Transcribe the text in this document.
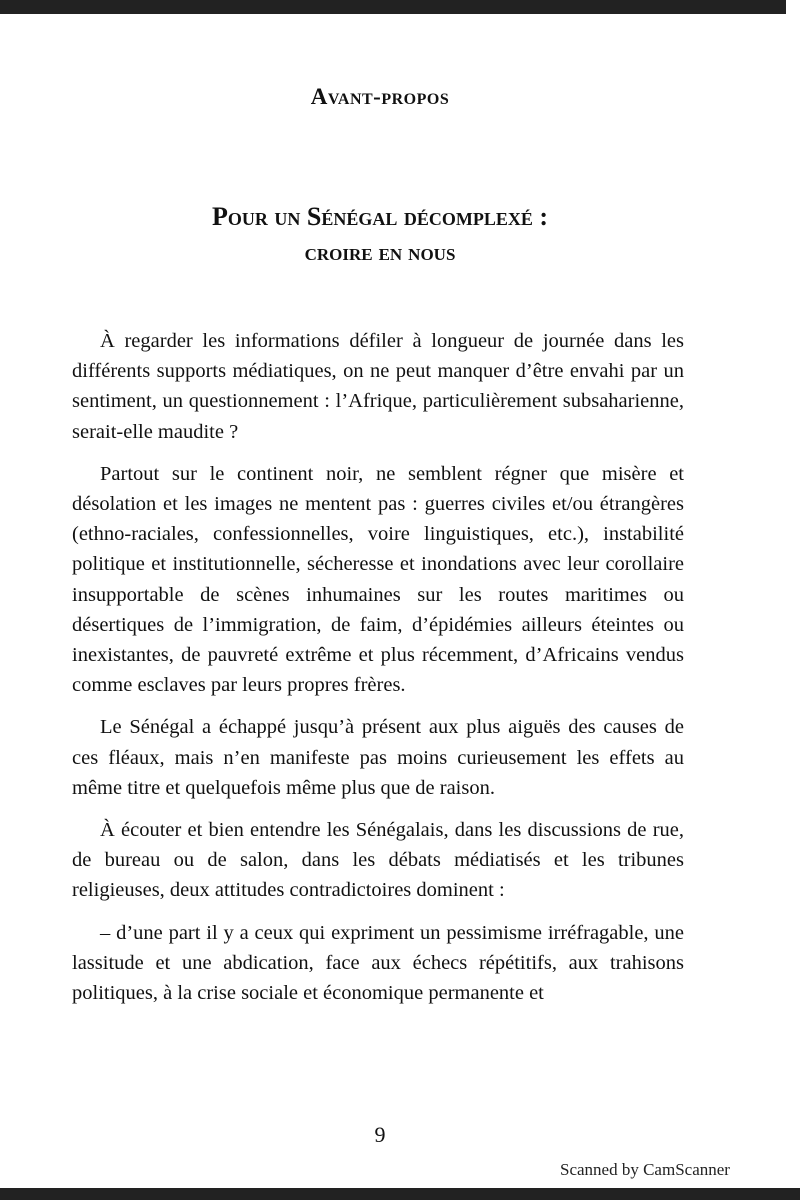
Avant-propos
Pour un Sénégal décomplexé :
croire en nous

À regarder les informations défiler à longueur de journée dans les différents supports médiatiques, on ne peut manquer d’être envahi par un sentiment, un questionnement : l’Afrique, particulièrement subsaharienne, serait-elle maudite ?

Partout sur le continent noir, ne semblent régner que misère et désolation et les images ne mentent pas : guerres civiles et/ou étrangères (ethno-raciales, confessionnelles, voire linguistiques, etc.), instabilité politique et institutionnelle, sécheresse et inondations avec leur corollaire insupportable de scènes inhumaines sur les routes maritimes ou désertiques de l’immigration, de faim, d’épidémies ailleurs éteintes ou inexistantes, de pauvreté extrême et plus récemment, d’Africains vendus comme esclaves par leurs propres frères.

Le Sénégal a échappé jusqu’à présent aux plus aiguës des causes de ces fléaux, mais n’en manifeste pas moins curieusement les effets au même titre et quelquefois même plus que de raison.

À écouter et bien entendre les Sénégalais, dans les discussions de rue, de bureau ou de salon, dans les débats médiatisés et les tribunes religieuses, deux attitudes contradictoires dominent :

– d’une part il y a ceux qui expriment un pessimisme irréfragable, une lassitude et une abdication, face aux échecs répétitifs, aux trahisons politiques, à la crise sociale et économique permanente et

9
Scanned by CamScanner
